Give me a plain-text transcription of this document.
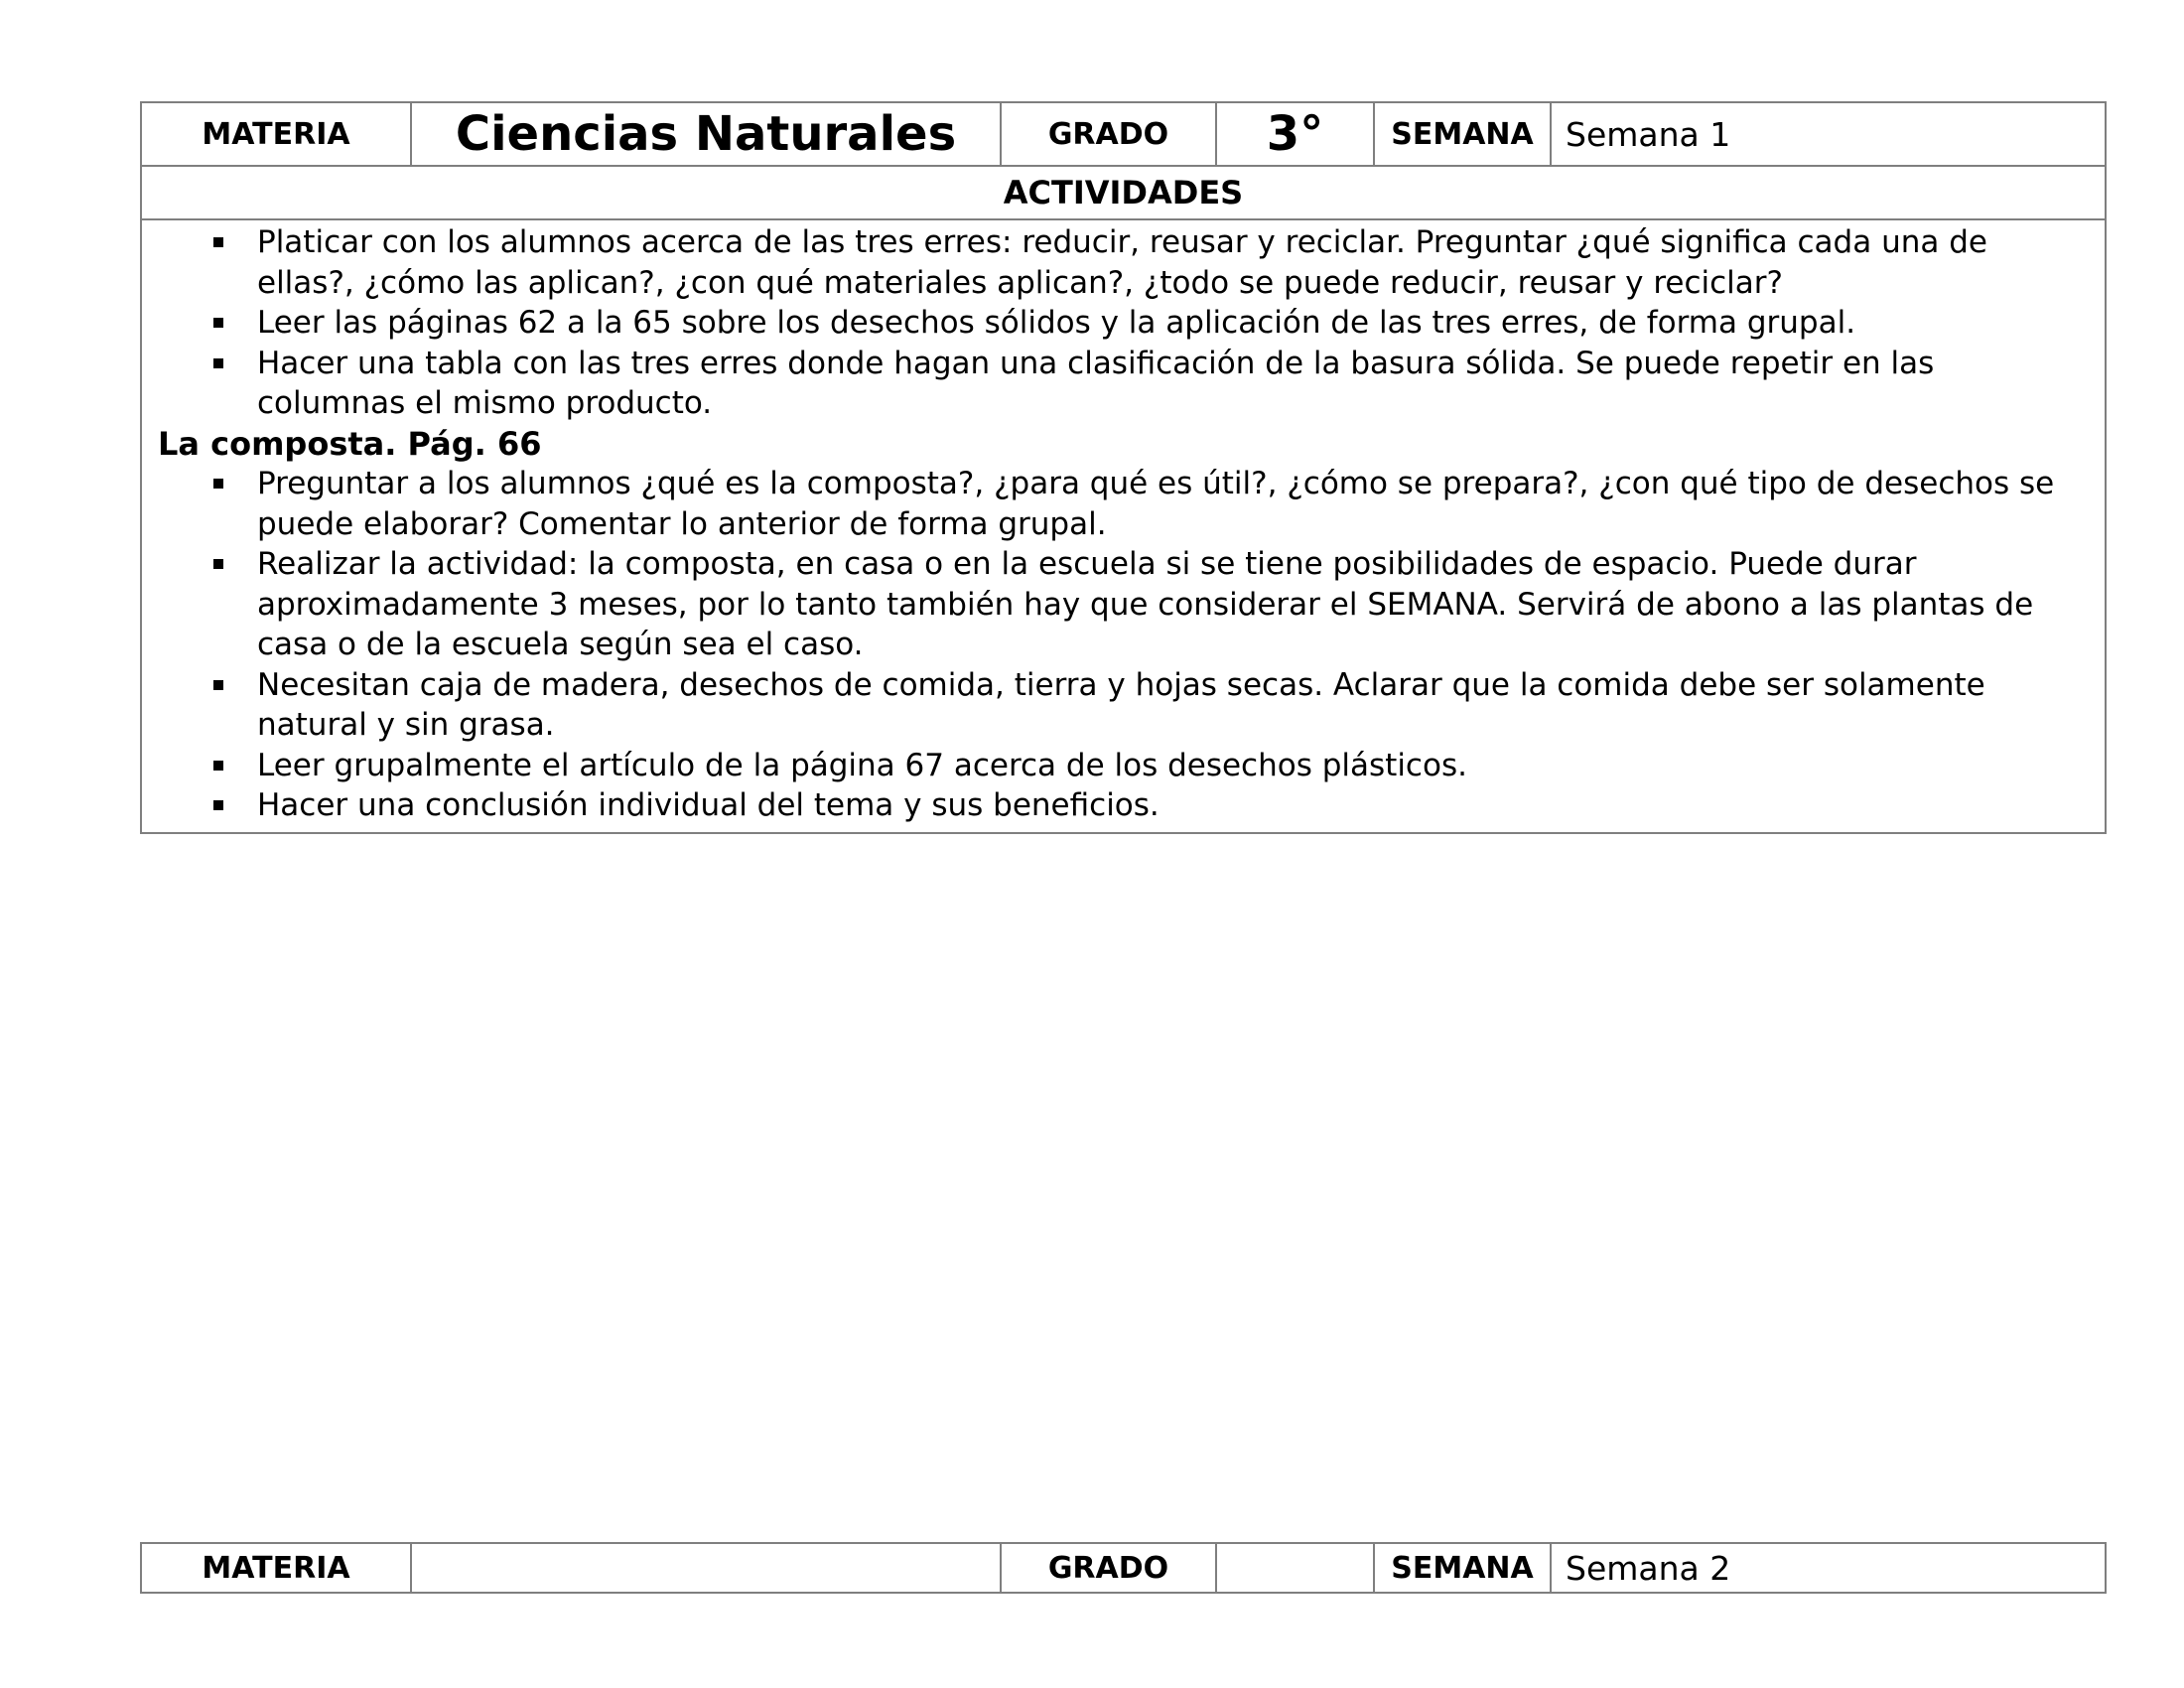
MATERIA	Ciencias Naturales	GRADO	3°	SEMANA	Semana 1
ACTIVIDADES

Platicar con los alumnos acerca de las tres erres: reducir, reusar y reciclar. Preguntar ¿qué significa cada una de ellas?, ¿cómo las aplican?, ¿con qué materiales aplican?, ¿todo se puede reducir, reusar y reciclar?
Leer las páginas 62 a la 65 sobre los desechos sólidos y la aplicación de las tres erres, de forma grupal.
Hacer una tabla con las tres erres donde hagan una clasificación de la basura sólida. Se puede repetir en las columnas el mismo producto.
La composta. Pág. 66
Preguntar a los alumnos ¿qué es la composta?, ¿para qué es útil?, ¿cómo se prepara?, ¿con qué tipo de desechos se puede elaborar? Comentar lo anterior de forma grupal.
Realizar la actividad: la composta, en casa o en la escuela si se tiene posibilidades de espacio. Puede durar aproximadamente 3 meses, por lo tanto también hay que considerar el SEMANA. Servirá de abono a las plantas de casa o de la escuela según sea el caso.
Necesitan caja de madera, desechos de comida, tierra y hojas secas. Aclarar que la comida debe ser solamente natural y sin grasa.
Leer grupalmente el artículo de la página 67 acerca de los desechos plásticos.
Hacer una conclusión individual del tema y sus beneficios.
MATERIA		GRADO		SEMANA	Semana 2
